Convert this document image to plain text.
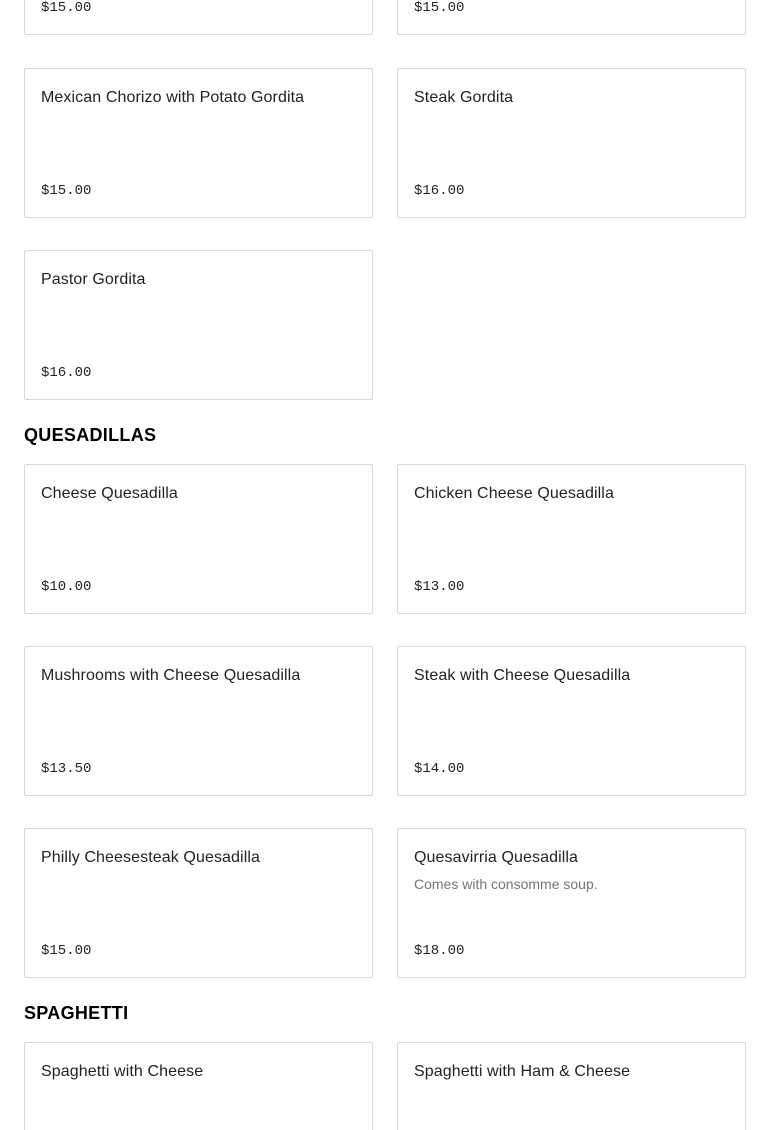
$15.00	$15.00
Mexican Chorizo with Potato Gordita
$15.00
Steak Gordita
$16.00
Pastor Gordita
$16.00
QUESADILLAS
Cheese Quesadilla
$10.00
Chicken Cheese Quesadilla
$13.00
Mushrooms with Cheese Quesadilla
$13.50
Steak with Cheese Quesadilla
$14.00
Philly Cheesesteak Quesadilla
$15.00
Quesavirria Quesadilla
Comes with consomme soup.
$18.00
SPAGHETTI
Spaghetti with Cheese	Spaghetti with Ham & Cheese
